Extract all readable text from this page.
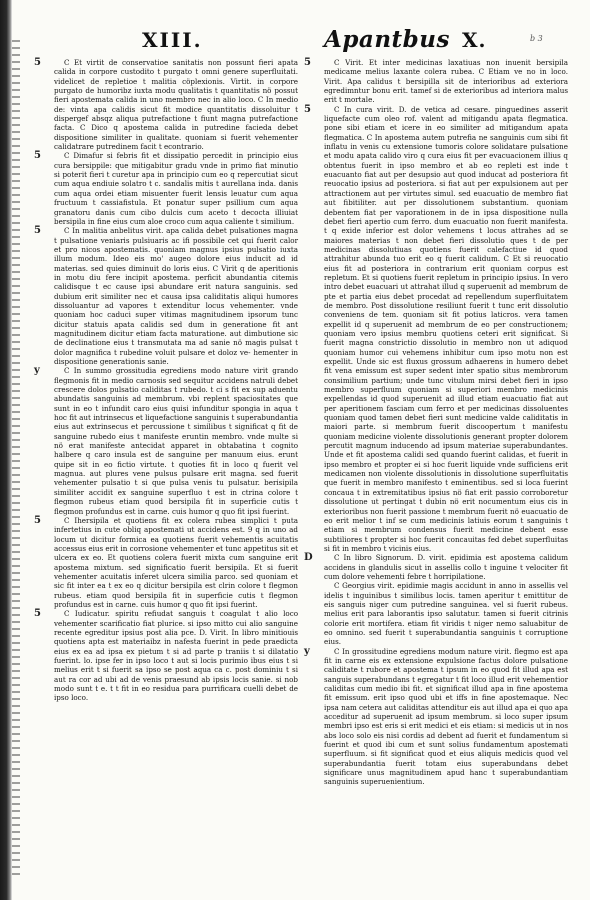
XIII.	Apantbus X.	b 3
5	C Et virtit de conservatioe sanitatis non possunt fieri apata calida in corpore custodito t purgato t omni genere superfluitati. videlicet de repletioe t malitia cöplexionis. Virtit. in corpore purgato de humoribz iuxta modu qualitatis t quantitatis nö possut fieri apostemata calida in uno membro nec in alio loco. C In medio de: vinta apa calidis sicut fit modice quantitatis dissoluitur t dispergef absqz aliqua putrefactione t fiunt magna putrefactione facta. C Dico q apostema calida in putredine facieda debet dispositione similiter in qualitate. quoniam si fuerit vehementer calidatrare putredinem facit t econtrario.

5	C Dimafur si febris fit et dissipatio percedit in principio eius cura bersippile: que mitigabitur gradu vnde in primo fiat minutio si poterit fieri t curetur apa in principio cum eo q repercutiat sicut cum aqua endiuie solatro t c. sandalis mitis t aurellana inda. danis cum aqua ordei etiam misuenter fuerit lensis leuatur cum aqua fructuum t cassiafistula. Et ponatur super psillium cum aqua granatoru danis cum cibo dulcis cum aceto t decocta illiuiat bersipila in fine eius cum aloe croco cum aqua caliente t similium.

5	C In malitia anbelitus virit. apa calida debet pulsationes magna t pulsatione veniaris pulsiuaris ac ifi possibile cet qui fuerit calor et pro nicos apostematis. quoniam magnus ipsius pulsatio iuxta illum modum. Ideo eis mo' augeo dolore eius inducit ad id materias. sed quies diminuit do loris eius. C Virit q de aperitionis in motu diu fere incipit apostema. perficit abundantia citemis calidisque t ec cause ipsi abundare erit natura sanguinis. sed dubium erit similiter nec et causa ipsa caliditatis aliqui humores dissoluantur ad vapores t extenditur locus vehementer. vnde quoniam hoc caduci super vitimas magnitudinem ipsorum tunc dicitur statuis apata calidis sed dum in generatione fit ant magnitudinem dicitur etiam facta maturatione. aut dimbutione sic de declinatione eius t transmutata ma ad sanie nö magis pulsat t dolor magnifica t rubedine voluit pulsare et doloz ve- hementer in dispositione generationis sanie.

y	C In summo grossitudia egrediens modo nature virit grando flegmonis fit in medio carnosis sed sequitur accidens natruli debet crescere dolos pulsatio caliditas t rubedo. t ci s fit ex sup aduentu abundatis sanguinis ad membrum. vbi replent spaciositates que sunt in eo t infundit caro eius quisi infunditur spongia in aqua t hoc fit aut intrinsecus et liquefactione sanguinis t superabundantia eius aut extrinsecus et percussione t similibus t significat q fit de sanguine rubedo eius t manifeste eruntin membro. vnde multe si nö erat manifeste antecidat apparet in obtabatina t cognito halbere q caro insula est de sanguine per manuum eius. erunt quipe sit in eo fictio virtute. t quoties fit in loco q fuerit vel magnua. aut plures vene pulsus pulsare erit magna. sed fuerit vehementer pulsatio t si que pulsa venis tu pulsatur. berisipila similiter accidit ex sanguine superfluo t est in ctrina colore t flegmon rubeus etiam quod bersipila fit in superficie cutis t flegmon profundus est in carne. cuis humor q quo fit ipsi fuerint.

5	C Ihersipila et quotiens fit ex colera rubea simplici t puta infertetius in cute obliq apostemati ut accidens est. 9 q in uno ad locum ut dicitur formica ea quotiens fuerit vehementis acuitatis accessus eius erit in corrosione vehementer et tunc appetitus sit et ulcera ex eo. Et quotiens colera fuerit mixta cum sanguine erit apostema mixtum. sed significatio fuerit bersipila. Et si fuerit vehementer acuitatis inferet ulcera similia parco. sed quoniam et sic fit inter ea t ex eo q dicitur bersipila est clrin colore t flegmon rubeus. etiam quod bersipila fit in superficie cutis t flegmon profundus est in carne. cuis humor q quo fit ipsi fuerint.

5	C Iudicatur. spiritu refiudat sanguis t coagulat t alio loco vehementer scarificatio fiat plurice. si ipso mitto cui alio sanguine recente egreditur ipsius post alia pce. D. Virit. In libro minitiouis quotiens apta est materiaibz in nafesta fuerint in pede praedicta eius ex ea ad ipsa ex pietum t si ad parte p traniis t si dilatatio fuerint. lo. ipse fer in ipso loco t aut si locis purimio ibus eius t si melius erit t si fuerit sa ipso se post aqua ca c. post dominiu t si aut ra cor ad ubi ad de venis praesund ab ipsis locis sanie. si nob modo sunt t e. t t fit in eo residua para purrificara cuelli debet de ipso loco.

5	C Virit. Et inter medicinas laxatiuas non inuenit bersipila medicame melius laxante colera rubea. C Etiam ve no in loco. Virit. Apa calidus t bersipilla sit de interioribus ad exteriora egredimntur bonu erit. tamef si de exterioribus ad interiora malus erit t mortale.

5	C In cura virit. D. de vetica ad cesare. pinguedines asserit liquefacte cum oleo rof. valent ad mitigandu apata flegmatica. pone sibi etiam et icere in eo similiter ad mitigandum apata flegmatica. C In apostema autem putrefia ne sanguinis cum sibi fit inflatu in venis cu extensione tumoris colore solidatare pulsatione et modu apata calido viro q cura eius fit per evacuacionem illius q obtentus fuerit in ipso membro et ab eo repleti est inde t euacuanto fiat aut per desupsio aut quod inducat ad posteriora fit reuocatio ipsius ad posteriora. si fiat aut per expulsionem aut per attractionem aut per virtutes simul. sed euacuatio de membro fiat aut fibitiliter. aut per dissolutionem substantium. quoniam debentem fiat per vaporationem in de in ipsa dispositione nulla debet fieri apertio cum ferro. dum euacuatio non fuerit manifesta. t q exide inferior est dolor vehemens t locus attrahes ad se maiores materias t non debet fieri dissolutio ques t de per medicinas dissolutiuas quotiens fuerit calefactiue id quod attrahitur abunda tuo erit eo q fuerit calidum. C Et si reuocatio eius fit ad posteriora in contrarium erit quoniam corpus est repletum. Et si quotiens fuerit repletum in principio ipsius. In vero intro debet euacuari ut attrahat illud q superuenit ad membrum de pte et partia eius debet procedat ad repellendum superfluitatem de membro. Post dissolutione resiliunt fuerit t tunc erit dissolutio conveniens de tem. quoniam sit fit potius laticros. vera tamen expellit id q superuenit ad membrum de eo per constructionem; quoniam vero ipsius membru quotiens ceteri erit significat. Si fuerit magna constrictio dissolutio in membro non ut adiquod quoniam humor cui vehemens inhibitur cum ipso motu non est expellit. Unde sic est fluxus grossum adhaerens in humero debet fit vena emissum est super sedent inter spatio situs membrorum consimilium partium; unde tunc vitulum mirsi debet fieri in ipso membro superfluum quoniam si superiori membro medicinis expellendas id quod superuenit ad illud etiam euacuatio fiat aut per aperitionem fasciam cum ferro et per medicinas dissoluentes quoniam quod tamen debet fieri sunt medicine valde caliditatis in maiori parte. si membrum fuerit discoopertum t manifestu quoniam medicine violente dissolutionis generant propter dolorem percutit magnum inducendo ad ipsum materiae superabundantes. Unde et fit apostema calidi sed quando fuerint calidas, et fuerit in ipso membro et propter ei si hoc fuerit liquide vnde sufficiens erit medicamen non violente dissolutionis in dissolutione superfluitatis que fuerit in membro manifesto t eminentibus. sed si loca fuerint concaua t in extremitatibus ipsius nö fiat erit passio corroboretur dissolutione ut pertingat t dubin nö erit nocumentum eius cis in exterioribus non fuerit passione t membrum fuerit nö euacuatio de eo erit melior t inf se cum medicinis latiuis eorum t sanguinis t etiam si membrum condensus fuerit medicine debent esse subtiliores t propter si hoc fuerit concauitas fed debet superfluitas si fit in membro t vicinis eius.

D	C In libro Signorum. D. virit. epidimia est apostema calidum accidens in glandulis sicut in assellis collo t inguine t velociter fit cum dolore vehementi febre t horripilatione.

C Georgius virit. epidimie magis accidunt in anno in assellis vel idelis t inguinibus t similibus locis. tamen aperitur t emittitur de eis sanguis niger cum putredine sanguinea. vel si fuerit rubeus. melius erit para laborantis ipso salutatur. tamen si fuerit citrinis colorie erit mortifera. etiam fit viridis t niger nemo saluabitur de eo omnino. sed fuerit t superabundantia sanguinis t corruptione eius.

y	C In grossitudine egrediens modum nature virit. flegmo est apa fit in carne eis ex extensione expulsione factus dolore pulsatione caliditate t rubore et apostema t ipsum in eo quod fit illud apa est sanguis superabundans t egregatur t fit loco illud erit vehementior caliditas cum medio ibi fit. et significat illud apa in fine apostema fit emissum. erit ipso quod ubi et iffs in fine apostemaque. Nec ipsa nam cetera aut caliditas attenditur eis aut illud apa ei quo apa acceditur ad superuenit ad ipsum membrum. si loco super ipsum membri ipso est eris si erit medici et eis etiam: si medicis ut in nos abs loco solo eis nisi cordis ad debent ad fuerit et fundamentum si fuerint et quod ibi cum et sunt solius fundamentum apostemati superfluum. si fit significat quod et eius aliquis medicis quod vel superabundantia fuerit totam eius superabundans debet significare unus magnitudinem apud hanc t superabundantiam sanguinis superuenientium.
